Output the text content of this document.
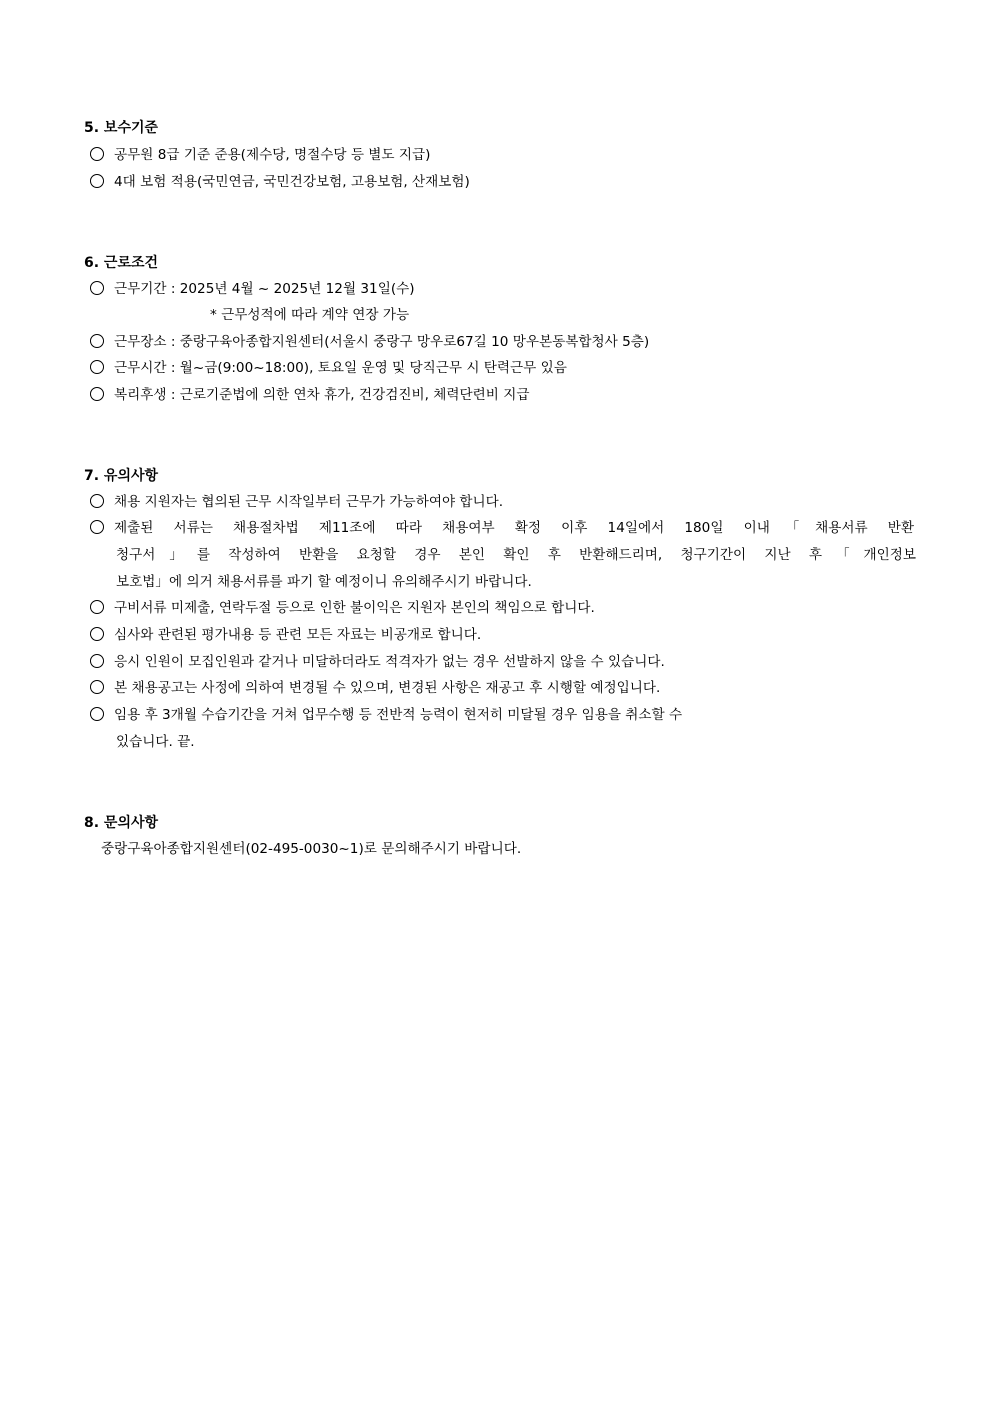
5. 보수기준
공무원 8급 기준 준용(제수당, 명절수당 등 별도 지급)
4대 보험 적용(국민연금, 국민건강보험, 고용보험, 산재보험)
6. 근로조건
근무기간 : 2025년 4월 ~ 2025년 12월 31일(수)
* 근무성적에 따라 계약 연장 가능
근무장소 : 중랑구육아종합지원센터(서울시 중랑구 망우로67길 10 망우본동복합청사 5층)
근무시간 : 월~금(9:00~18:00), 토요일 운영 및 당직근무 시 탄력근무 있음
복리후생 : 근로기준법에 의한 연차 휴가, 건강검진비, 체력단련비 지급
7. 유의사항
채용 지원자는 협의된 근무 시작일부터 근무가 가능하여야 합니다.
제출된 서류는 채용절차법 제11조에 따라 채용여부 확정 이후 14일에서 180일 이내「채용서류 반환
청구서」를 작성하여 반환을 요청할 경우 본인 확인 후 반환해드리며, 청구기간이 지난 후「개인정보
보호법」에 의거 채용서류를 파기 할 예정이니 유의해주시기 바랍니다.
구비서류 미제출, 연락두절 등으로 인한 불이익은 지원자 본인의 책임으로 합니다.
심사와 관련된 평가내용 등 관련 모든 자료는 비공개로 합니다.
응시 인원이 모집인원과 같거나 미달하더라도 적격자가 없는 경우 선발하지 않을 수 있습니다.
본 채용공고는 사정에 의하여 변경될 수 있으며, 변경된 사항은 재공고 후 시행할 예정입니다.
임용 후 3개월 수습기간을 거쳐 업무수행 등 전반적 능력이 현저히 미달될 경우 임용을 취소할 수
있습니다. 끝.
8. 문의사항
중랑구육아종합지원센터(02-495-0030~1)로 문의해주시기 바랍니다.
